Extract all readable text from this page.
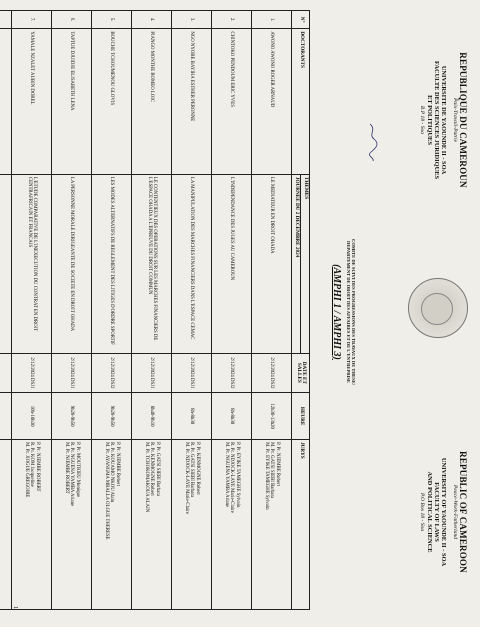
REPUBLIQUE DU CAMEROUN
Paix-Travail-Patrie
UNIVERSITE DE YAOUNDE II - SOA
FACULTE DES SCIENCES JURIDIQUES
ET POLITIQUES
B.P 18 - Soa
REPUBLIC OF CAMEROON
Peace-Work-Fatherland
UNIVERSITY OF YAOUNDE II - SOA
FACULTY OF LAWS
AND POLITICAL SCIENCE
P.O Box 18 - Soa
COMITE DE SUIVI DES PROGRESSIONS DES TRAVAUX DE THESE/
DEPARTEMENT DE DROIT DES AFFAIRES ET DE L'ENTREPRISE
(AMPHI 1 / AMPHI 3)
N°	DOCTORANTS	THEMES	DATE ET SALLES	HEURE	JURYS
		JOURNEE DU 2 DECEMBRE 2024			
1.	AWONO AWONO ROGER ARNAUD	LE MEDIATEUR EN DROIT OHADA	2/12/2024 DSJ2	12h30-13h20	P. Pr. NJEMBE Robert
M. Pr. GATSI SIEBI Barbara
M. Pr. EYIKE TAMEGHE Sylvain

2.	CHINTOKO PENDOUM ERIC YVES	L'INDEPENDANCE DES JUGES AU CAMEROUN	2/12/2024 DSJ2	8h-8h30	P. Pr. EYIKE TAMEGHE Sylvain
R. Pr. NDJOCK-LAYE Marie-Claire
M. Pr. NGUENA YAMBA Ariane

3.	NGO NYOBE BAYIHA ESTHER PERONNE	LA MANIPULATION DES MARCHES FINANCIERS DANS L'ESPACE CEMAC	2/12/2024 DSJ1	8h-8h30	P. Pr. KENMOGNE Robert
R. Pr. GATSI SIEBI Barbara
M. Pr. NDJOCK-LAYE Marie-Claire

4.	PIANGO MONTHE ROMEO LOIC	LE CONTENTIEUX DES OPERATIONS SUR LES MARCHES FINANCIERS DE L'ESPACE OHADA A L'EPREUVE DU DROIT COMMUN	2/12/2024 DSJ1	8h40-9h10	P. Pr. GATSI SIEBI Barbara
R. Pr. KENMOGNE Robert
M. Pr. TCHOKOMAKOUA ALAIN

5.	BOUCHE TCHOUMENOU GLOVIS	LES MODES ALTERNATIFS DE REGLEMENT DES LITIGES D'ORDRE SPORTIF	2/12/2024 DSJ2	9h20-9h50	P. Pr. NJEMBE Robert
R. Pr. KOUAMO NKOU Alain
M. Pr. AYANGMA MBALLA OLGUE THERESE

6.	TAPTUE DJUIDJE ELISABETH LENA	LA PERSONNE MORALE DIRIGEANTE DE SOCIETE EN DROIT OHADA	2/12/2024 DSJ1	9h20-9h50	P. Pr. MOUTHIEU Monique
R. Pr. NGUENA YAMBA Ariane
M. Pr. NJEMBE ROBERT

7.	YAMALE NZALET AUBIN DOREL	L'ETUDE COMPARATIVE DE L'INEXECUTION DU CONTRAT EN DROIT CENTRAFRICAIN ET FRANCAIS	2/12/2024 DSJ1	10h-10h30	P. Pr. NJEMBE ROBERT
R. Pr. KOM Jacqueline
M. Pr. JIOGUE GREGOIRE

1
